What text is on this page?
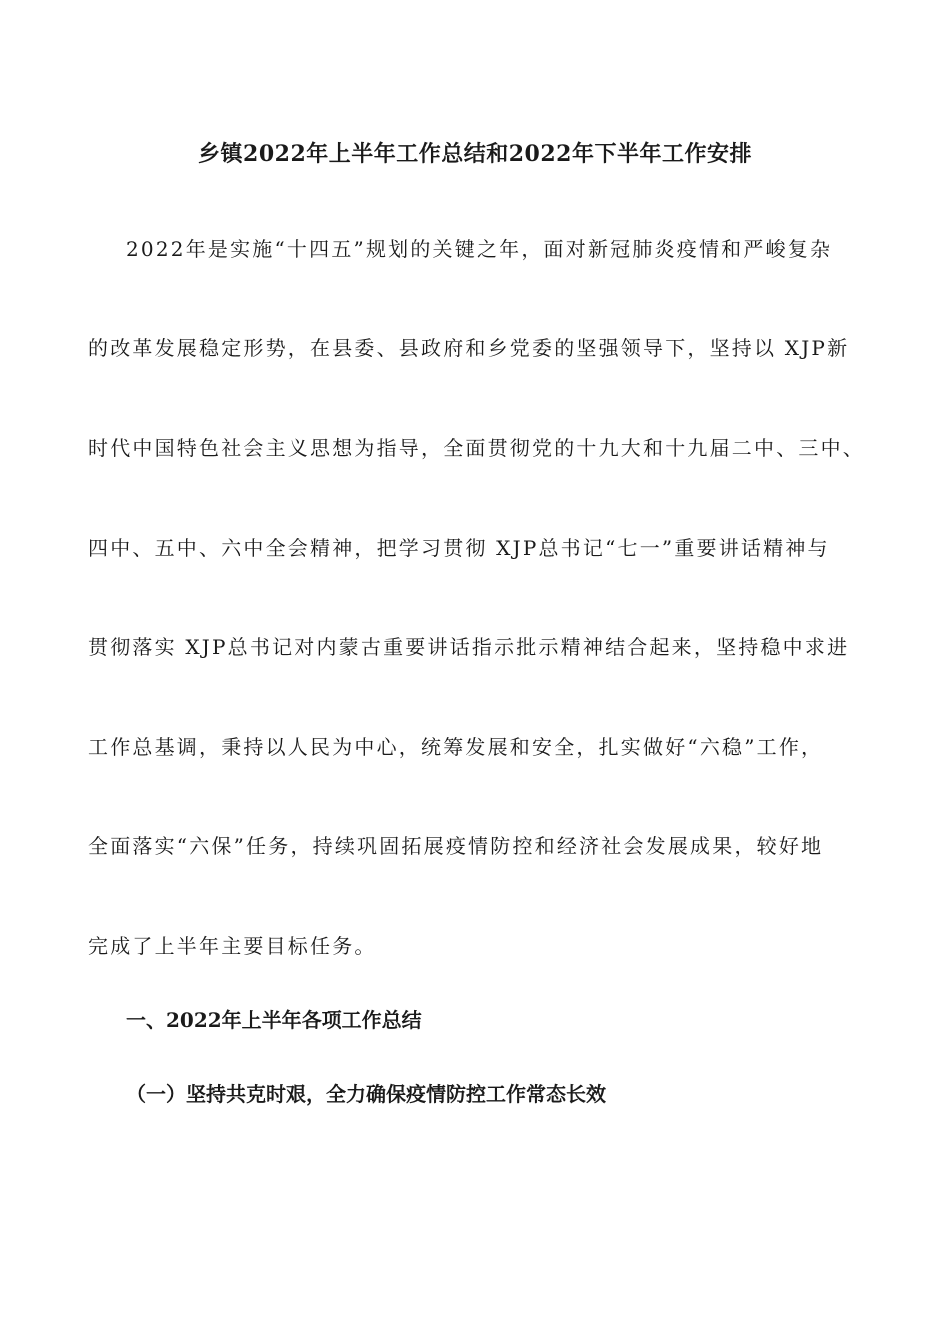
乡镇2022年上半年工作总结和2022年下半年工作安排
2022年是实施“十四五”规划的关键之年，面对新冠肺炎疫情和严峻复杂
的改革发展稳定形势，在县委、县政府和乡党委的坚强领导下，坚持以 XJP新
时代中国特色社会主义思想为指导，全面贯彻党的十九大和十九届二中、三中、
四中、五中、六中全会精神，把学习贯彻 XJP总书记“七一”重要讲话精神与
贯彻落实 XJP总书记对内蒙古重要讲话指示批示精神结合起来，坚持稳中求进
工作总基调，秉持以人民为中心，统筹发展和安全，扎实做好“六稳”工作，
全面落实“六保”任务，持续巩固拓展疫情防控和经济社会发展成果，较好地
完成了上半年主要目标任务。
一、2022年上半年各项工作总结
（一）坚持共克时艰，全力确保疫情防控工作常态长效
